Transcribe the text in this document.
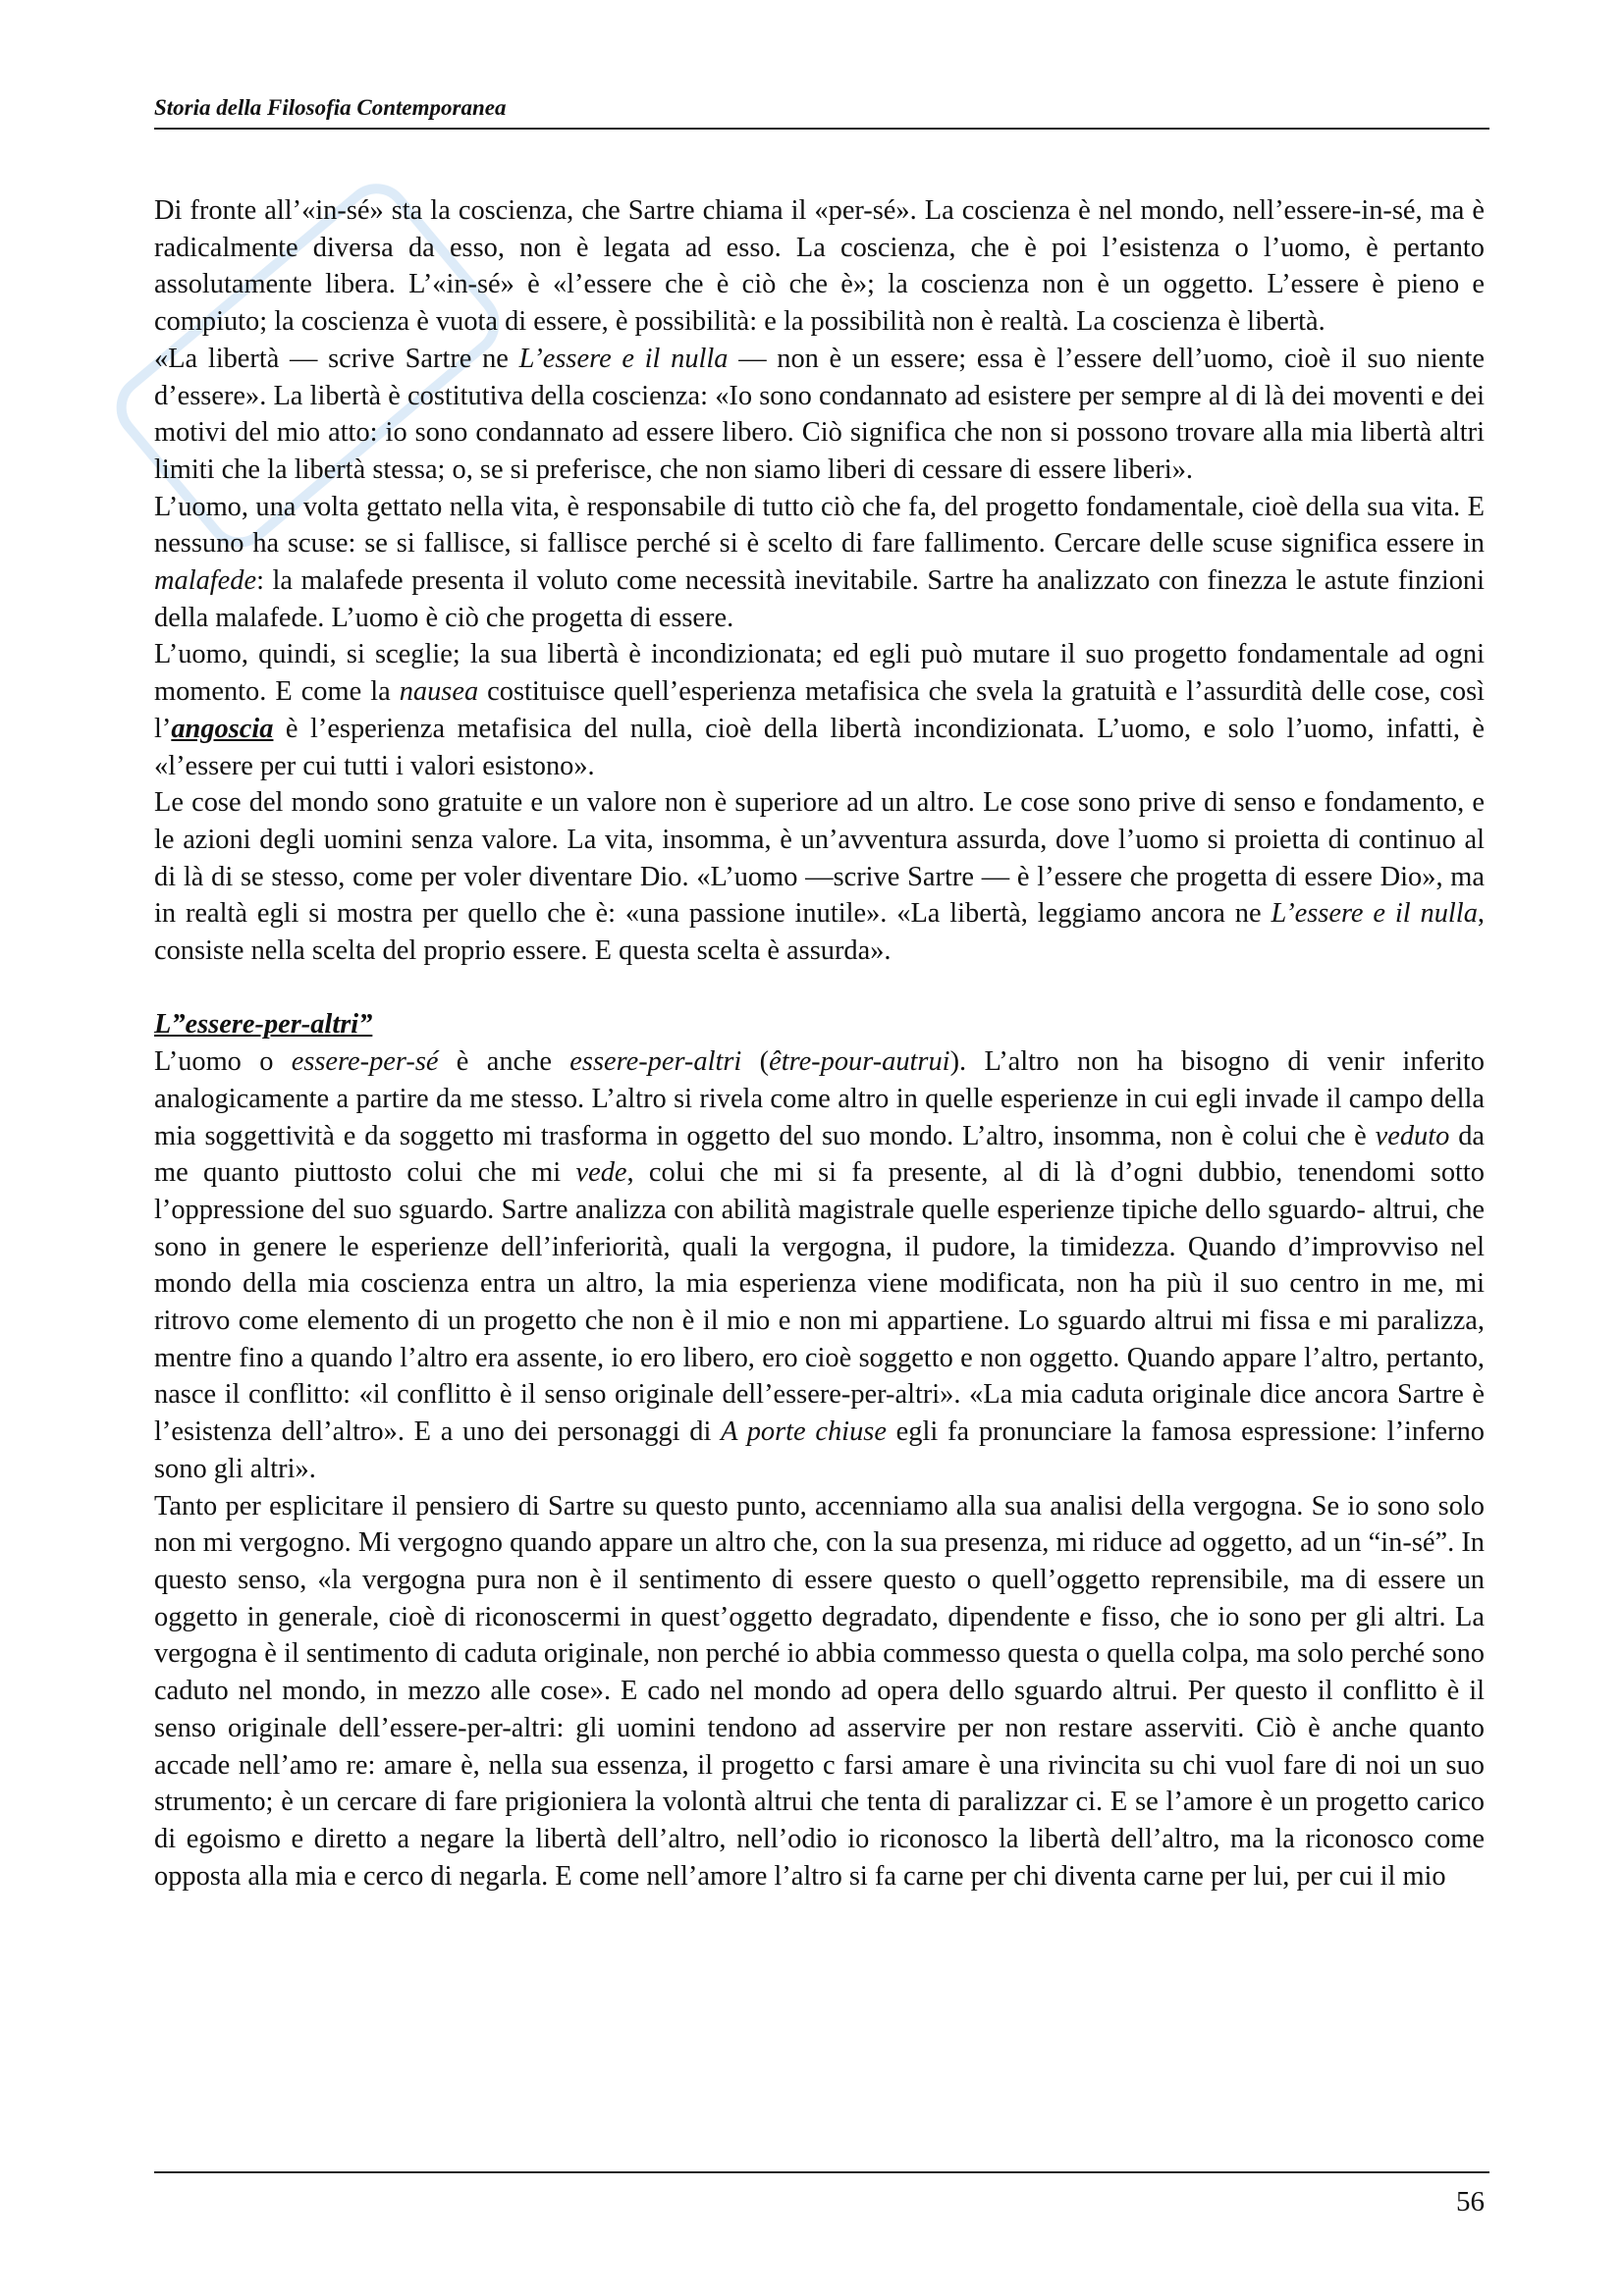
Storia della Filosofia Contemporanea

Di fronte all’«in-sé» sta la coscienza, che Sartre chiama il «per-sé». La coscienza è nel mondo, nell’essere-in-sé, ma è radicalmente diversa da esso, non è legata ad esso. La coscienza, che è poi l’esistenza o l’uomo, è pertanto assolutamente libera. L’«in-sé» è «l’essere che è ciò che è»; la coscienza non è un oggetto. L’essere è pieno e compiuto; la coscienza è vuota di essere, è possibilità: e la possibilità non è realtà. La coscienza è libertà.

«La libertà — scrive Sartre ne L’essere e il nulla — non è un essere; essa è l’essere dell’uomo, cioè il suo niente d’essere». La libertà è costitutiva della coscienza: «Io sono condannato ad esistere per sempre al di là dei moventi e dei motivi del mio atto: io sono condannato ad essere libero. Ciò significa che non si possono trovare alla mia libertà altri limiti che la libertà stessa; o, se si preferisce, che non siamo liberi di cessare di essere liberi».

L’uomo, una volta gettato nella vita, è responsabile di tutto ciò che fa, del progetto fondamentale, cioè della sua vita. E nessuno ha scuse: se si fallisce, si fallisce perché si è scelto di fare fallimento. Cercare delle scuse significa essere in malafede: la malafede presenta il voluto come necessità inevitabile. Sartre ha analizzato con finezza le astute finzioni della malafede. L’uomo è ciò che progetta di essere.

L’uomo, quindi, si sceglie; la sua libertà è incondizionata; ed egli può mutare il suo progetto fondamentale ad ogni momento. E come la nausea costituisce quell’esperienza metafisica che svela la gratuità e l’assurdità delle cose, così l’angoscia è l’esperienza metafisica del nulla, cioè della libertà incondizionata. L’uomo, e solo l’uomo, infatti, è «l’essere per cui tutti i valori esistono».

Le cose del mondo sono gratuite e un valore non è superiore ad un altro. Le cose sono prive di senso e fondamento, e le azioni degli uomini senza valore. La vita, insomma, è un’avventura assurda, dove l’uomo si proietta di continuo al di là di se stesso, come per voler diventare Dio. «L’uomo —scrive Sartre — è l’essere che progetta di essere Dio», ma in realtà egli si mostra per quello che è: «una passione inutile». «La libertà, leggiamo ancora ne L’essere e il nulla, consiste nella scelta del proprio essere. E questa scelta è assurda».

L”essere-per-altri”

L’uomo o essere-per-sé è anche essere-per-altri (être-pour-autrui). L’altro non ha bisogno di venir inferito analogicamente a partire da me stesso. L’altro si rivela come altro in quelle esperienze in cui egli invade il campo della mia soggettività e da soggetto mi trasforma in oggetto del suo mondo. L’altro, insomma, non è colui che è veduto da me quanto piuttosto colui che mi vede, colui che mi si fa presente, al di là d’ogni dubbio, tenendomi sotto l’oppressione del suo sguardo. Sartre analizza con abilità magistrale quelle esperienze tipiche dello sguardo- altrui, che sono in genere le esperienze dell’inferiorità, quali la vergogna, il pudore, la timidezza. Quando d’improvviso nel mondo della mia coscienza entra un altro, la mia esperienza viene modificata, non ha più il suo centro in me, mi ritrovo come elemento di un progetto che non è il mio e non mi appartiene. Lo sguardo altrui mi fissa e mi paralizza, mentre fino a quando l’altro era assente, io ero libero, ero cioè soggetto e non oggetto. Quando appare l’altro, pertanto, nasce il conflitto: «il conflitto è il senso originale dell’essere-per-altri». «La mia caduta originale dice ancora Sartre è l’esistenza dell’altro». E a uno dei personaggi di A porte chiuse egli fa pronunciare la famosa espressione: l’inferno sono gli altri».

Tanto per esplicitare il pensiero di Sartre su questo punto, accenniamo alla sua analisi della vergogna. Se io sono solo non mi vergogno. Mi vergogno quando appare un altro che, con la sua presenza, mi riduce ad oggetto, ad un “in-sé”. In questo senso, «la vergogna pura non è il sentimento di essere questo o quell’oggetto reprensibile, ma di essere un oggetto in generale, cioè di riconoscermi in quest’oggetto degradato, dipendente e fisso, che io sono per gli altri. La vergogna è il sentimento di caduta originale, non perché io abbia commesso questa o quella colpa, ma solo perché sono caduto nel mondo, in mezzo alle cose». E cado nel mondo ad opera dello sguardo altrui. Per questo il conflitto è il senso originale dell’essere-per-altri: gli uomini tendono ad asservire per non restare asserviti. Ciò è anche quanto accade nell’amo re: amare è, nella sua essenza, il progetto c farsi amare è una rivincita su chi vuol fare di noi un suo strumento; è un cercare di fare prigioniera la volontà altrui che tenta di paralizzar ci. E se l’amore è un progetto carico di egoismo e diretto a negare la libertà dell’altro, nell’odio io riconosco la libertà dell’altro, ma la riconosco come opposta alla mia e cerco di negarla. E come nell’amore l’altro si fa carne per chi diventa carne per lui, per cui il mio

56
